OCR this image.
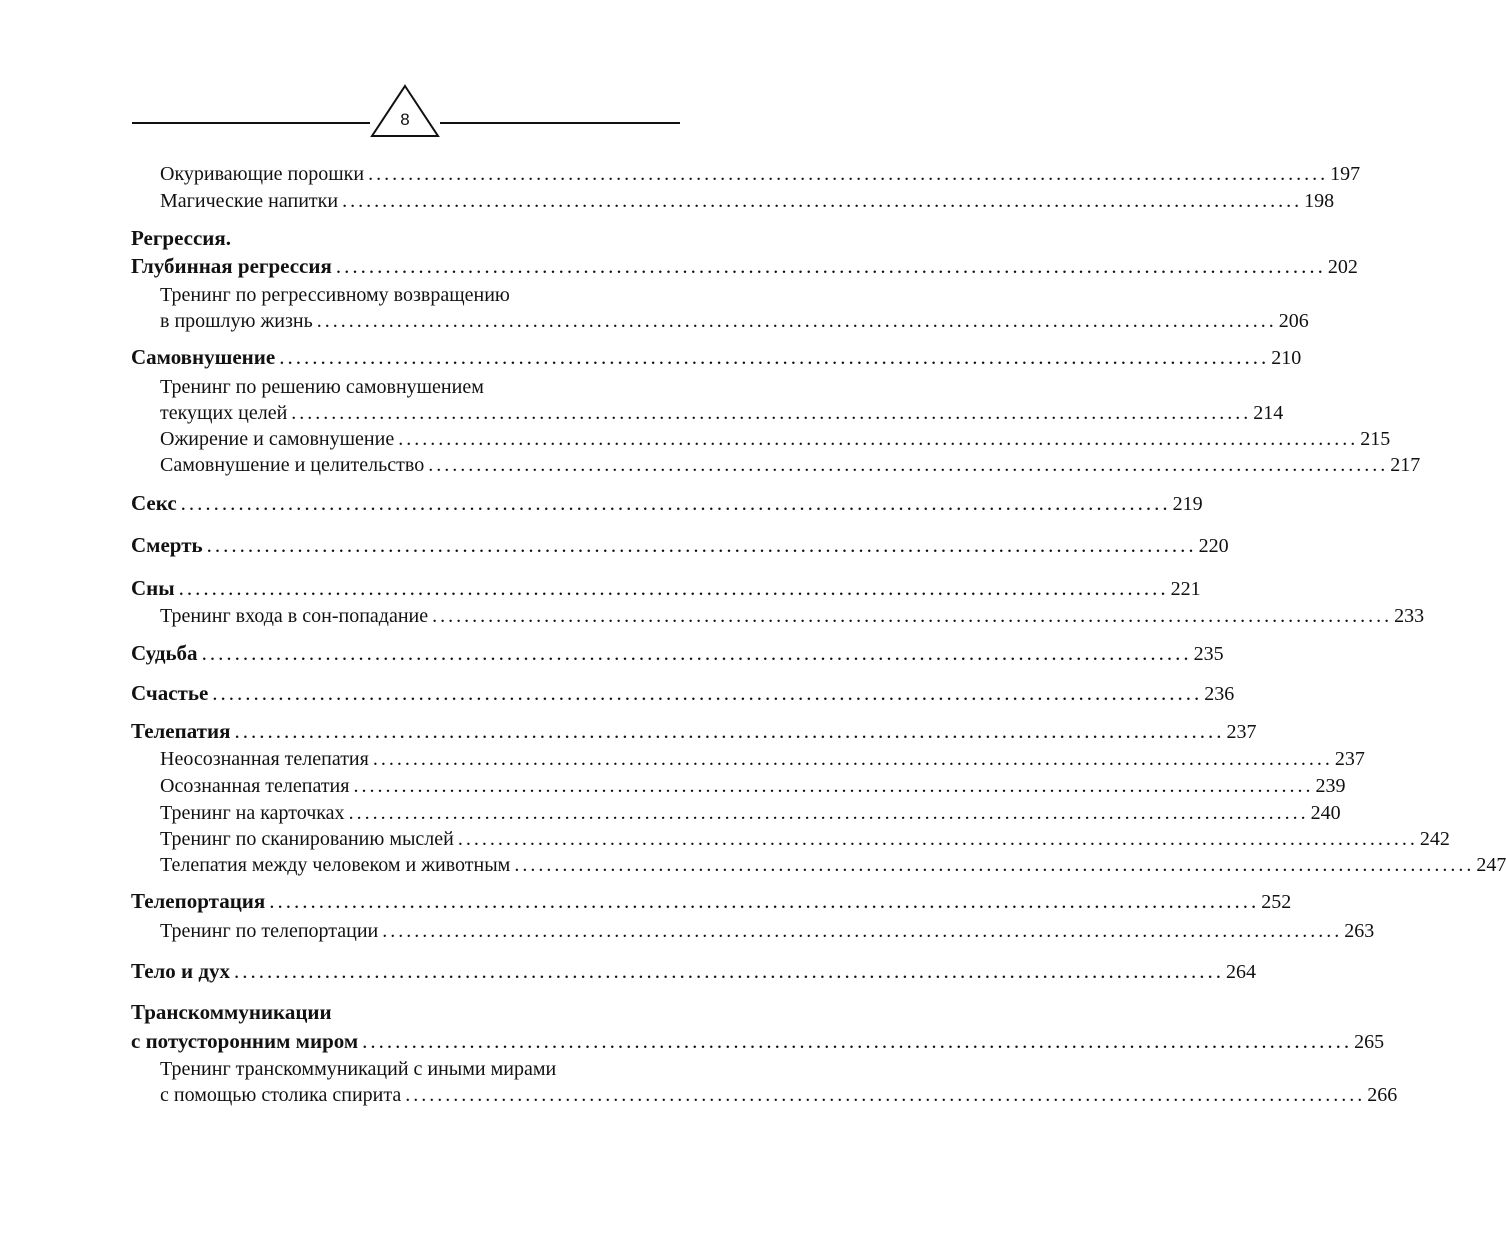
8
Окуривающие порошки ........................................................................................................................ 197
Магические напитки ........................................................................................................................ 198
Регрессия.
Глубинная регрессия ........................................................................................................................ 202
Тренинг по регрессивному возвращению
в прошлую жизнь ........................................................................................................................ 206
Самовнушение ........................................................................................................................ 210
Тренинг по решению самовнушением
текущих целей ........................................................................................................................ 214
Ожирение и самовнушение ........................................................................................................................ 215
Самовнушение и целительство ........................................................................................................................ 217
Секс ........................................................................................................................ 219
Смерть ........................................................................................................................ 220
Сны ........................................................................................................................ 221
Тренинг входа в сон-попадание ........................................................................................................................ 233
Судьба ........................................................................................................................ 235
Счастье ........................................................................................................................ 236
Телепатия ........................................................................................................................ 237
Неосознанная телепатия ........................................................................................................................ 237
Осознанная телепатия ........................................................................................................................ 239
Тренинг на карточках ........................................................................................................................ 240
Тренинг по сканированию мыслей ........................................................................................................................ 242
Телепатия между человеком и животным ........................................................................................................................ 247
Телепортация ........................................................................................................................ 252
Тренинг по телепортации ........................................................................................................................ 263
Тело и дух ........................................................................................................................ 264
Транскоммуникации
с потусторонним миром ........................................................................................................................ 265
Тренинг транскоммуникаций с иными мирами
с помощью столика спирита ........................................................................................................................ 266
